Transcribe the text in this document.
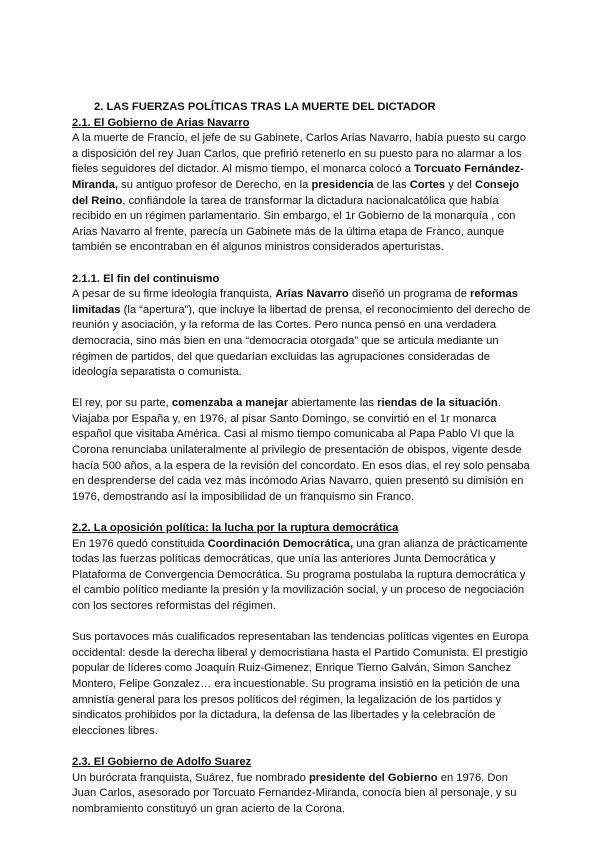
2. LAS FUERZAS POLÍTICAS TRAS LA MUERTE DEL DICTADOR

2.1. El Gobierno de Arias Navarro

A la muerte de Francio, el jefe de su Gabinete, Carlos Arias Navarro, había puesto su cargo a disposición del rey Juan Carlos, que prefirió retenerlo en su puesto para no alarmar a los fieles seguidores del dictador. Al mismo tiempo, el monarca colocó a Torcuato Fernández-Miranda, su antiguo profesor de Derecho, en la presidencia de las Cortes y del Consejo del Reino, confiándole la tarea de transformar la dictadura nacionalcatólica que había recibido en un régimen parlamentario. Sin embargo, el 1r Gobierno de la monarquía , con Arias Navarro al frente, parecía un Gabinete más de la última etapa de Franco, aunque también se encontraban en él algunos ministros considerados aperturistas.

2.1.1. El fin del continuismo

A pesar de su firme ideología franquista, Arias Navarro diseñó un programa de reformas limitadas (la “apertura”), que incluye la libertad de prensa, el reconocimiento del derecho de reunión y asociación, y la reforma de las Cortes. Pero nunca pensó en una verdadera democracia, sino más bien en una “democracia otorgada” que se articula mediante un régimen de partidos, del que quedarían excluidas las agrupaciones consideradas de ideología separatista o comunista.

El rey, por su parte, comenzaba a manejar abiertamente las riendas de la situación. Viajaba por España y, en 1976, al pisar Santo Domingo, se convirtió en el 1r monarca español que visitaba América. Casi al mismo tiempo comunicaba al Papa Pablo VI que la Corona renunciaba unilateralmente al privilegio de presentación de obispos, vigente desde hacía 500 años, a la espera de la revisión del concordato. En esos días, el rey solo pensaba en desprenderse del cada vez más incómodo Arias Navarro, quien presentó su dimisión en 1976, demostrando así la imposibilidad de un franquismo sin Franco.

2.2. La oposición política: la lucha por la ruptura democrática

En 1976 quedó constituida Coordinación Democrática, una gran alianza de prácticamente todas las fuerzas políticas democráticas, que unía las anteriores Junta Democrática y Plataforma de Convergencia Democrática. Su programa postulaba la ruptura democrática y el cambio político mediante la presión y la movilización social, y un proceso de negociación con los sectores reformistas del régimen.

Sus portavoces más cualificados representaban las tendencias políticas vigentes en Europa occidental: desde la derecha liberal y democristiana hasta el Partido Comunista. El prestigio popular de líderes como Joaquín Ruiz-Gimenez, Enrique Tierno Galván, Simon Sanchez Montero, Felipe Gonzalez… era incuestionable. Su programa insistió en la petición de una amnistía general para los presos políticos del régimen, la legalización de los partidos y sindicatos prohibidos por la dictadura, la defensa de las libertades y la celebración de elecciones libres.

2.3. El Gobierno de Adolfo Suarez

Un burócrata franquista, Suárez, fue nombrado presidente del Gobierno en 1976. Don Juan Carlos, asesorado por Torcuato Fernandez-Miranda, conocía bien al personaje, y su nombramiento constituyó un gran acierto de la Corona.
